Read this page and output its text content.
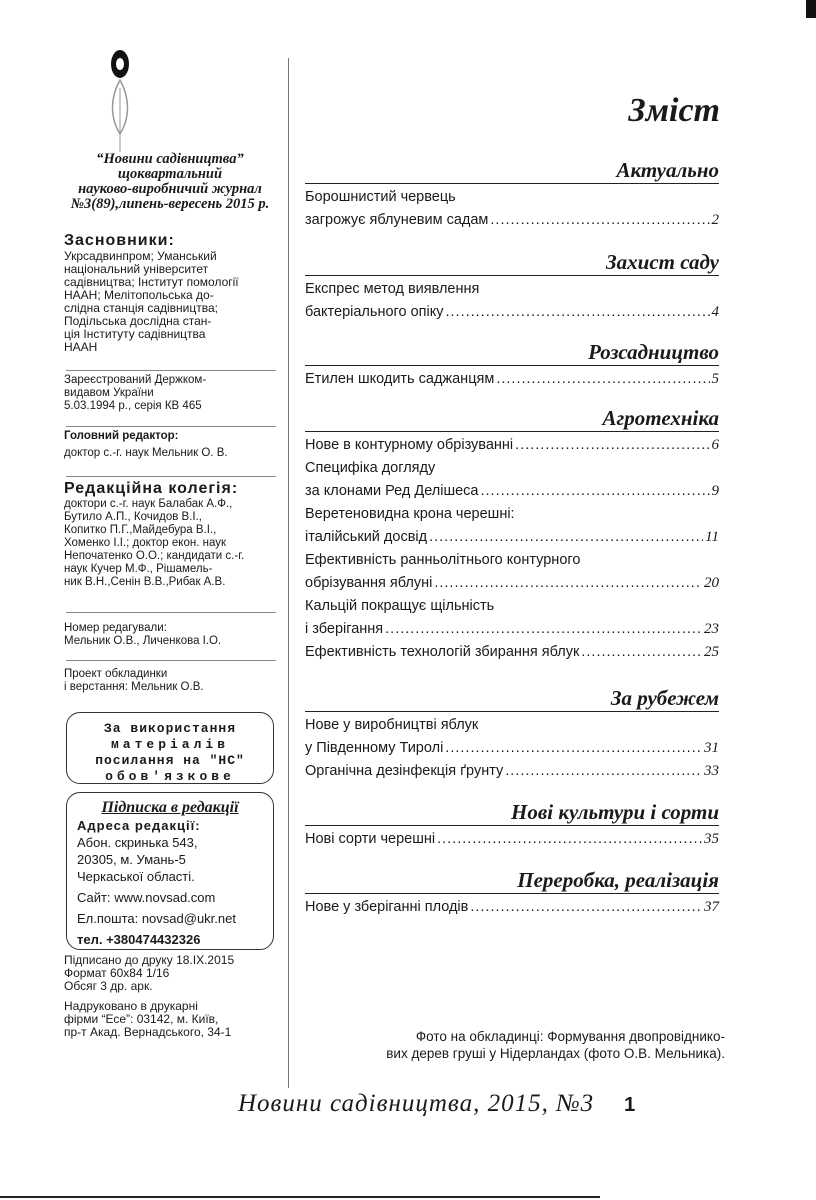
“Новини садівництва”
щоквартальний
науково-виробничий журнал
№3(89),липень-вересень 2015 р.
Засновники:
Укрсадвинпром; Уманський
національний університет
садівництва; Інститут помології
НААН; Мелітопольська до-
слідна станція садівництва;
Подільська дослідна стан-
ція Інституту садівництва
НААН
Зареєстрований Держком-
видавом України
5.03.1994 р., серія КВ 465
Головний редактор:
доктор с.-г. наук Мельник О. В.
Редакційна колегія:
доктори с.-г. наук Балабак А.Ф.,
Бутило А.П., Кочидов В.І.,
Копитко П.Г.,Майдебура В.І.,
Хоменко І.І.; доктор екон. наук
Непочатенко О.О.; кандидати с.-г.
наук Кучер М.Ф., Рішамель-
ник В.Н.,Сенін В.В.,Рибак А.В.
Номер редагували:
Мельник О.В., Личенкова І.О.
Проект обкладинки
і верстання: Мельник О.В.
За використання
матеріалів
посилання на "НС"
обов'язкове
Підписка в редакції
Адреса редакції:
Абон. скринька 543,
20305, м. Умань-5
Черкаської області.
Сайт: www.novsad.com
Ел.пошта: novsad@ukr.net
тел. +380474432326
Підписано до друку 18.IX.2015
Формат 60х84 1/16
Обсяг 3 др. арк.
Надруковано в друкарні
фірми “Есе”: 03142, м. Київ,
пр-т Акад. Вернадського, 34-1
Зміст
Актуально
Борошнистий червець
загрожує яблуневим садам .....	2
Захист саду
Експрес метод виявлення
бактеріального опіку .....	4
Розсадництво
Етилен шкодить саджанцям .....	5
Агротехніка
Нове в контурному обрізуванні .....	6
Специфіка догляду
за клонами Ред Делішеса .....	9
Веретеновидна крона черешні:
італійський досвід .....	11
Ефективність ранньолітнього контурного
обрізування яблуні .....	20
Кальцій покращує щільність
і зберігання .....	23
Ефективність технологій збирання яблук .....	25
За рубежем
Нове у виробництві яблук
у Південному Тиролі .....	31
Органічна дезінфекція ґрунту .....	33
Нові культури і сорти
Нові сорти черешні .....	35
Переробка, реалізація
Нове у зберіганні плодів .....	37
Фото на обкладинці: Формування двопровіднико-
вих дерев груші у Нідерландах (фото О.В. Мельника).
Новини садівництва, 2015, №3 1
